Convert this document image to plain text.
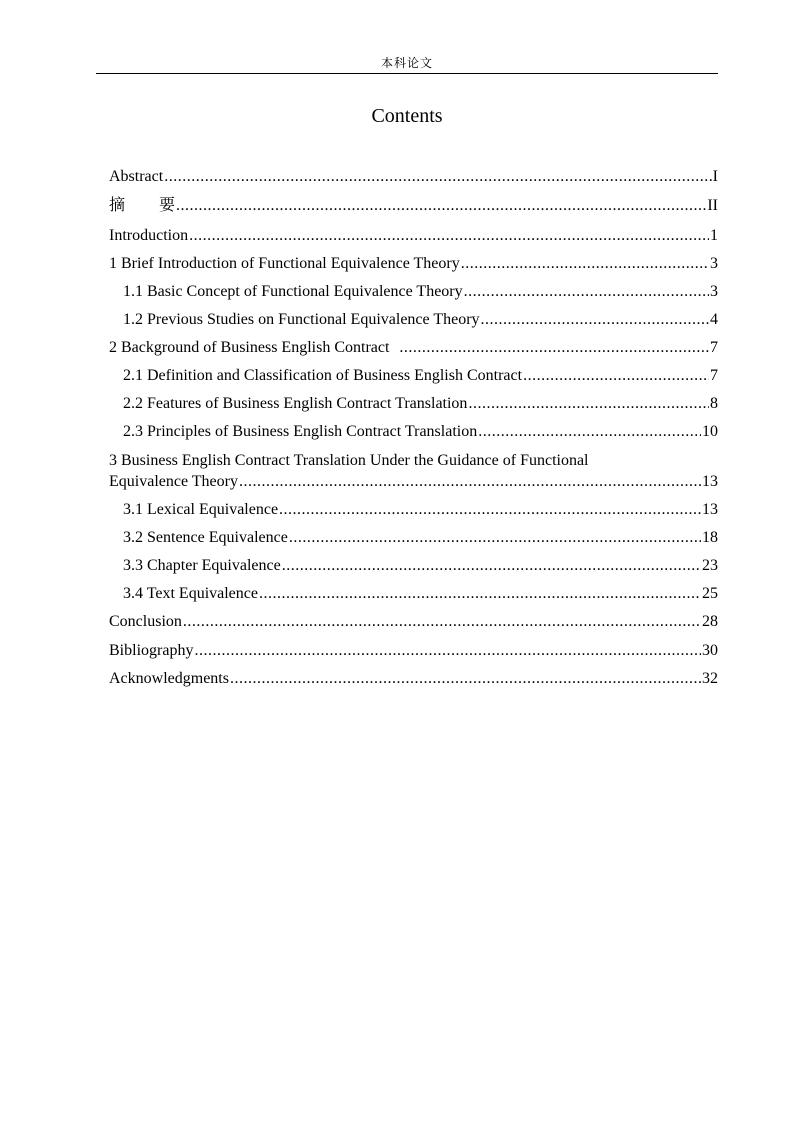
本科论文
Contents
Abstract .....	I
摘 要 .....	II
Introduction .....	1
1 Brief Introduction of Functional Equivalence Theory .....	3
1.1 Basic Concept of Functional Equivalence Theory .....	3
1.2 Previous Studies on Functional Equivalence Theory .....	4
2 Background of Business English Contract .....	7
2.1 Definition and Classification of Business English Contract .....	7
2.2 Features of Business English Contract Translation .....	8
2.3 Principles of Business English Contract Translation .....	10
3 Business English Contract Translation Under the Guidance of Functional
Equivalence Theory .....	13
3.1 Lexical Equivalence .....	13
3.2 Sentence Equivalence .....	18
3.3 Chapter Equivalence .....	23
3.4 Text Equivalence .....	25
Conclusion .....	28
Bibliography .....	30
Acknowledgments .....	32
